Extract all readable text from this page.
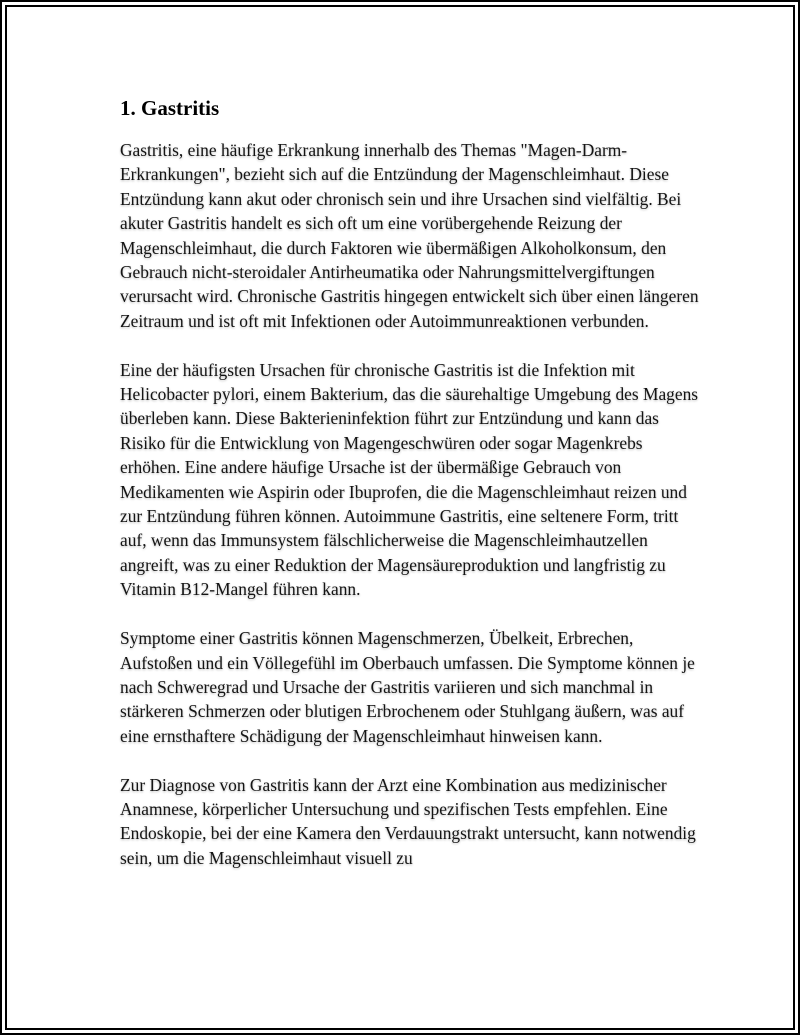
1. Gastritis

Gastritis, eine häufige Erkrankung innerhalb des Themas "Magen-Darm-Erkrankungen", bezieht sich auf die Entzündung der Magenschleimhaut. Diese Entzündung kann akut oder chronisch sein und ihre Ursachen sind vielfältig. Bei akuter Gastritis handelt es sich oft um eine vorübergehende Reizung der Magenschleimhaut, die durch Faktoren wie übermäßigen Alkoholkonsum, den Gebrauch nicht-steroidaler Antirheumatika oder Nahrungsmittelvergiftungen verursacht wird. Chronische Gastritis hingegen entwickelt sich über einen längeren Zeitraum und ist oft mit Infektionen oder Autoimmunreaktionen verbunden.

Eine der häufigsten Ursachen für chronische Gastritis ist die Infektion mit Helicobacter pylori, einem Bakterium, das die säurehaltige Umgebung des Magens überleben kann. Diese Bakterieninfektion führt zur Entzündung und kann das Risiko für die Entwicklung von Magengeschwüren oder sogar Magenkrebs erhöhen. Eine andere häufige Ursache ist der übermäßige Gebrauch von Medikamenten wie Aspirin oder Ibuprofen, die die Magenschleimhaut reizen und zur Entzündung führen können. Autoimmune Gastritis, eine seltenere Form, tritt auf, wenn das Immunsystem fälschlicherweise die Magenschleimhautzellen angreift, was zu einer Reduktion der Magensäureproduktion und langfristig zu Vitamin B12-Mangel führen kann.

Symptome einer Gastritis können Magenschmerzen, Übelkeit, Erbrechen, Aufstoßen und ein Völlegefühl im Oberbauch umfassen. Die Symptome können je nach Schweregrad und Ursache der Gastritis variieren und sich manchmal in stärkeren Schmerzen oder blutigen Erbrochenem oder Stuhlgang äußern, was auf eine ernsthaftere Schädigung der Magenschleimhaut hinweisen kann.

Zur Diagnose von Gastritis kann der Arzt eine Kombination aus medizinischer Anamnese, körperlicher Untersuchung und spezifischen Tests empfehlen. Eine Endoskopie, bei der eine Kamera den Verdauungstrakt untersucht, kann notwendig sein, um die Magenschleimhaut visuell zu
